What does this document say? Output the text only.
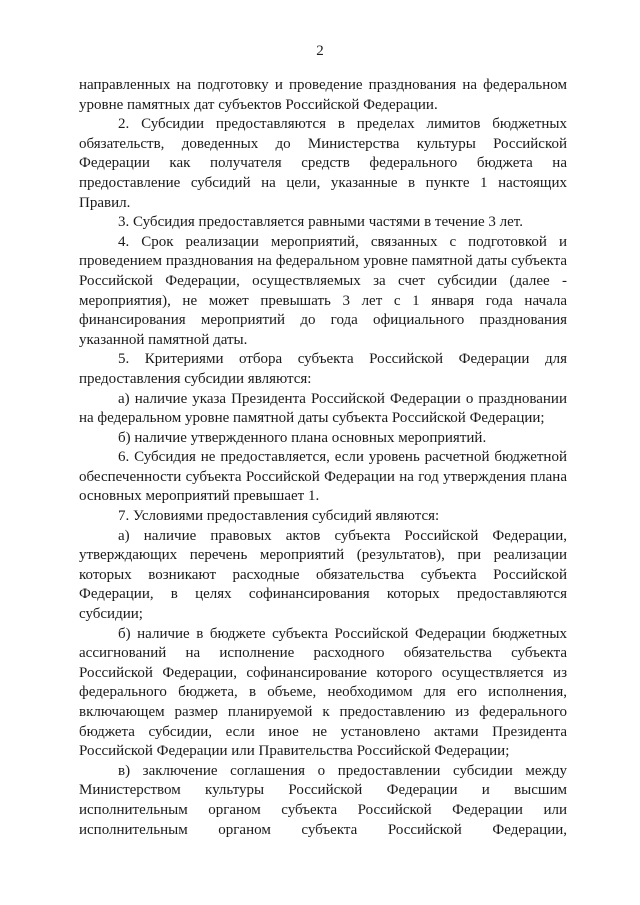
2

направленных на подготовку и проведение празднования на федеральном уровне памятных дат субъектов Российской Федерации.

2. Субсидии предоставляются в пределах лимитов бюджетных обязательств, доведенных до Министерства культуры Российской Федерации как получателя средств федерального бюджета на предоставление субсидий на цели, указанные в пункте 1 настоящих Правил.

3. Субсидия предоставляется равными частями в течение 3 лет.

4. Срок реализации мероприятий, связанных с подготовкой и проведением празднования на федеральном уровне памятной даты субъекта Российской Федерации, осуществляемых за счет субсидии (далее - мероприятия), не может превышать 3 лет с 1 января года начала финансирования мероприятий до года официального празднования указанной памятной даты.

5. Критериями отбора субъекта Российской Федерации для предоставления субсидии являются:

а) наличие указа Президента Российской Федерации о праздновании на федеральном уровне памятной даты субъекта Российской Федерации;

б) наличие утвержденного плана основных мероприятий.

6. Субсидия не предоставляется, если уровень расчетной бюджетной обеспеченности субъекта Российской Федерации на год утверждения плана основных мероприятий превышает 1.

7. Условиями предоставления субсидий являются:

а) наличие правовых актов субъекта Российской Федерации, утверждающих перечень мероприятий (результатов), при реализации которых возникают расходные обязательства субъекта Российской Федерации, в целях софинансирования которых предоставляются субсидии;

б) наличие в бюджете субъекта Российской Федерации бюджетных ассигнований на исполнение расходного обязательства субъекта Российской Федерации, софинансирование которого осуществляется из федерального бюджета, в объеме, необходимом для его исполнения, включающем размер планируемой к предоставлению из федерального бюджета субсидии, если иное не установлено актами Президента Российской Федерации или Правительства Российской Федерации;

в) заключение соглашения о предоставлении субсидии между Министерством культуры Российской Федерации и высшим исполнительным органом субъекта Российской Федерации или исполнительным органом субъекта Российской Федерации,
